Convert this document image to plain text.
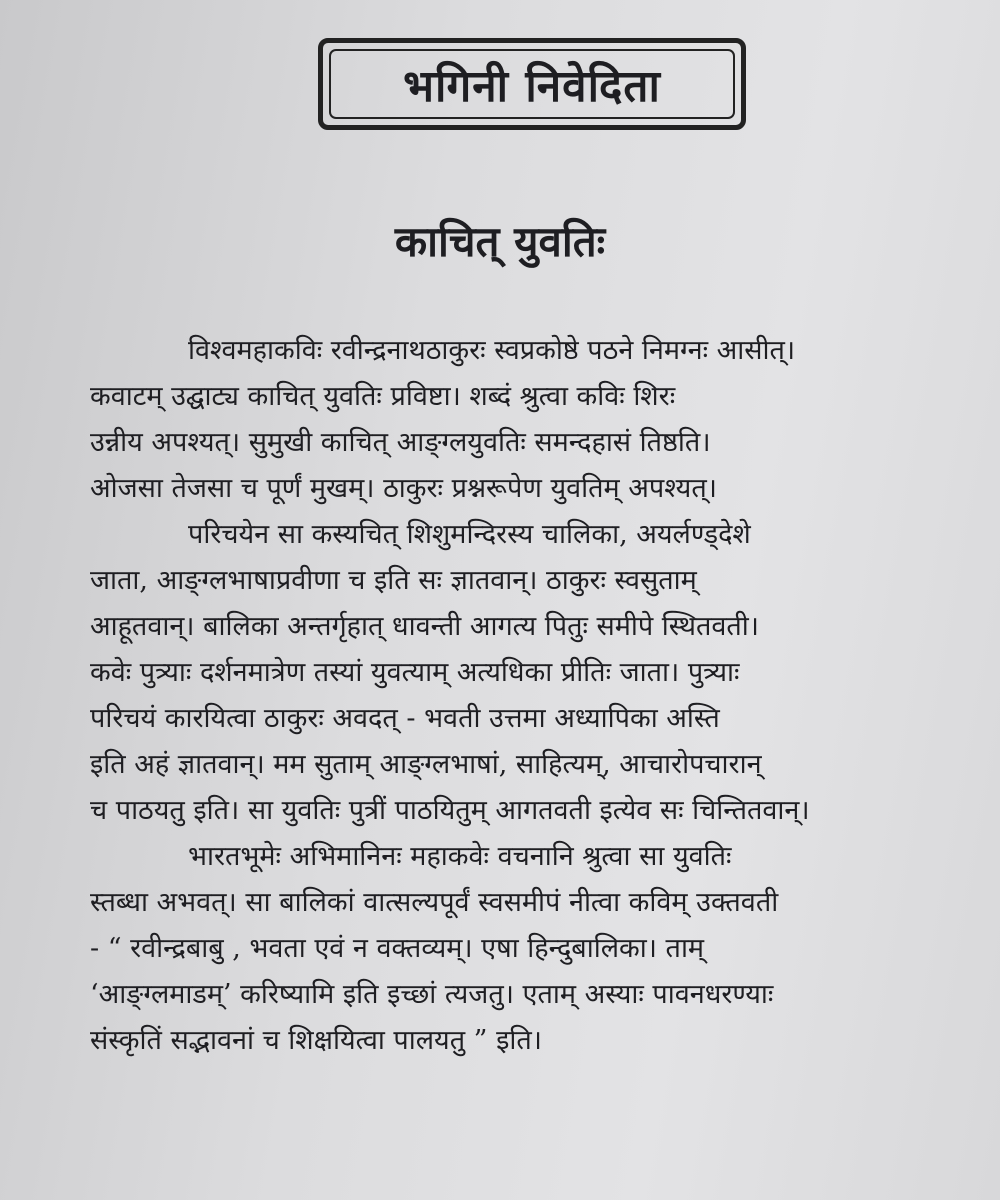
भगिनी निवेदिता
काचित् युवतिः
विश्वमहाकविः रवीन्द्रनाथठाकुरः स्वप्रकोष्ठे पठने निमग्नः आसीत्।
कवाटम् उद्घाट्य काचित् युवतिः प्रविष्टा। शब्दं श्रुत्वा कविः शिरः
उन्नीय अपश्यत्। सुमुखी काचित् आङ्ग्लयुवतिः समन्दहासं तिष्ठति।
ओजसा तेजसा च पूर्णं मुखम्। ठाकुरः प्रश्नरूपेण युवतिम् अपश्यत्।
परिचयेन सा कस्यचित् शिशुमन्दिरस्य चालिका, अयर्लण्ड्देशे
जाता, आङ्ग्लभाषाप्रवीणा च इति सः ज्ञातवान्। ठाकुरः स्वसुताम्
आहूतवान्। बालिका अन्तर्गृहात् धावन्ती आगत्य पितुः समीपे स्थितवती।
कवेः पुत्र्याः दर्शनमात्रेण तस्यां युवत्याम् अत्यधिका प्रीतिः जाता। पुत्र्याः
परिचयं कारयित्वा ठाकुरः अवदत् - भवती उत्तमा अध्यापिका अस्ति
इति अहं ज्ञातवान्। मम सुताम् आङ्ग्लभाषां, साहित्यम्, आचारोपचारान्
च पाठयतु इति। सा युवतिः पुत्रीं पाठयितुम् आगतवती इत्येव सः चिन्तितवान्।
भारतभूमेः अभिमानिनः महाकवेः वचनानि श्रुत्वा सा युवतिः
स्तब्धा अभवत्। सा बालिकां वात्सल्यपूर्वं स्वसमीपं नीत्वा कविम् उक्तवती
- “ रवीन्द्रबाबु , भवता एवं न वक्तव्यम्। एषा हिन्दुबालिका। ताम्
‘आङ्ग्लमाडम्’ करिष्यामि इति इच्छां त्यजतु। एताम् अस्याः पावनधरण्याः
संस्कृतिं सद्भावनां च शिक्षयित्वा पालयतु ” इति।
